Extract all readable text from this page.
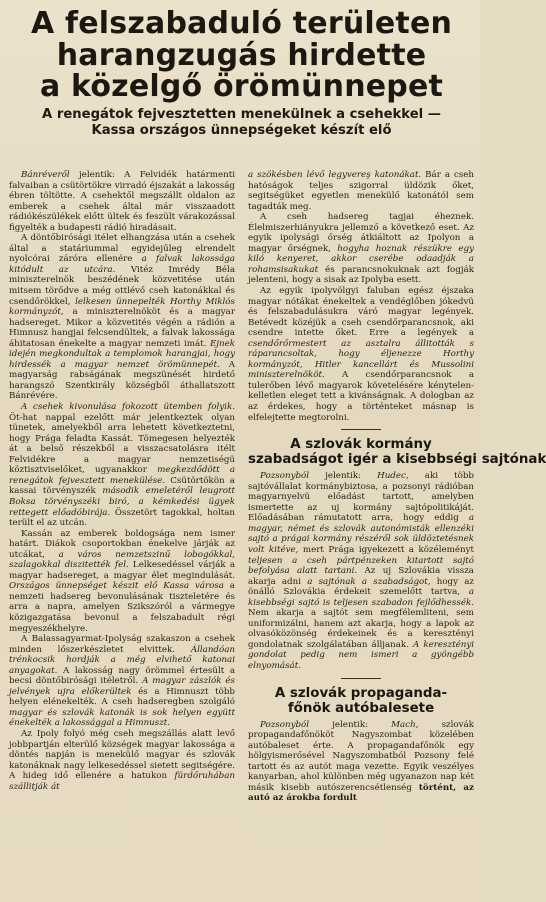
A felszabaduló területen
harangzugás hirdette
a közelgő örömünnepet
A renegátok fejvesztetten menekülnek a csehekkel —
Kassa országos ünnepségeket készít elő

Bánréveről jelentik: A Felvidék határmenti falvaiban a csütörtökre virradó éjszakát a lakosság ébren töltötte. A csehektől megszállt oldalon az emberek a csehek által már visszaadott rádiókészülékek előtt ültek és feszült várakozással figyelték a budapesti rádió hiradásait.

A döntőbirósági itélet elhangzása után a csehek által a statáriummal egyidejűleg elrendelt nyolcórai záróra ellenére a falvak lakossága kitódult az utcára. Vitéz Imrédy Béla miniszterelnök beszédének közvetitése után mitsem törődve a még ottlévő cseh katonákkal és csendőrökkel, lelkesen ünnepelték Horthy Miklós kormányzót, a miniszterelnököt és a magyar hadsereget. Mikor a közvetités végén a rádión a Himnusz hangjai felcsendültek, a falvak lakossága áhitatosan énekelte a magyar nemzeti imát. Ejnek idején megkondultak a templomok harangjai, hogy hirdessék a magyar nemzet örömünnepét. A magyarság rabságának megszünését hirdető harangszó Szentkirály községből áthallatszott Bánrévére.

A csehek kivonulása fokozott ütemben folyik. Öt-hat nappal ezelőtt már jelentkeztek olyan tünetek, amelyekből arra lehetett következtetni, hogy Prága feladta Kassát. Tömegesen helyezték át a belső részekből a visszacsatolásra itélt Felvidékre a magyar nemzetiségü köztisztviselőket, ugyanakkor megkezdődött a renegátok fejvesztett menekülése. Csütörtökön a kassai törvényszék második emeletéről leugrott Boksa törvényszéki biró, a kémkedési ügyek rettegett előadóbirája. Összetört tagokkal, holtan terült el az utcán.

Kassán az emberek boldogsága nem ismer határt. Diákok csoportokban énekelve járják az utcákat, a város nemzetszinű lobogókkal, szalagokkal diszitették fel. Lelkesedéssel várják a magyar hadsereget, a magyar élet megindulását. Országos ünnepséget készit elő Kassa városa a nemzeti hadsereg bevonulásának tiszteletére és arra a napra, amelyen Szikszóról a vármegye közigazgatása bevonul a felszabadult régi megyeszékhelyre.

A Balassagyarmat-Ipolyság szakaszon a csehek minden lőszerkészletet elvittek. Állandóan trénkocsik hordják a még elvihető katonai anyagokat. A lakosság nagy örömmel értesült a becsi döntőbirósági itéletről. A magyar zászlók és jelvények ujra előkerültek és a Himnuszt több helyen elénekelték. A cseh hadseregben szolgáló magyar és szlovák katonák is sok helyen együtt énekelték a lakossággal a Himnuszt.

Az Ipoly folyó még cseh megszállás alatt levő jobbpartján elterülő községek magyar lakossága a döntés napján is menekülő magyar és szlovák katonáknak nagy lelkesedéssel sietett segitségére. A hideg idő ellenére a hatukon fürdőruhában szállitják át

a szökésben lévő legyvereş katonákat. Bár a cseh hatóságok teljes szigorral üldözik őket, segitségüket egyetlen menekülő katonától sem tagadták meg.

A cseh hadsereg tagjai éheznek. Élelmiszerhiányukra jellemző a következő eset. Az egyik ipolysági őrség átkiáltott az Ipolyon a magyar őrségnek, hogyha hoznak részükre egy kiló kenyeret, akkor cserébe odaadják a rohamsisakukat és parancsnokuknak azt fogják jelenteni, hogy a sisak az Ipolyba esett.

Az egyik ipolyvölgyi faluban egész éjszaka magyar nótákat énekeltek a vendéglőben jókedvü és felszabadulásukra váró magyar legények. Betévedt közéjük a cseh csendőrparancsnok, aki csendre intette őket. Erre a legények a csendőrőrmestert az asztalra állitották s ráparancsoltak, hogy éljenezze Horthy kormányzót, Hitler kancellárt és Mussolini miniszterelnököt. A csendőrparancsnok a tulerőben lévő magyarok követelésére kénytelen-kelletlen eleget tett a kivánságnak. A dologban az az érdekes, hogy a történteket másnap is elfelejtette megtorolni.

A szlovák kormány
szabadságot igér a kisebbségi sajtónak

Pozsonyból jelentik: Hudec, aki több sajtóvállalat kormánybiztosa, a pozsonyi rádióban magyarnyelvü előadást tartott, amelyben ismertette az uj kormány sajtópolitikáját. Előadásában rámutatott arra, hogy eddig a magyar, német és szlovák autonómisták ellenzéki sajtó a prágai kormány részéről sok üldöztetésnek volt kitéve, mert Prága igyekezett a közéleményt teljesen a cseh pártpénzeken kitartott sajtó befolyása alatt tartani. Az uj Szlovákia vissza akarja adni a sajtónak a szabadságot, hogy az önálló Szlovákia érdekeit szemelőtt tartva, a kisebbségi sajtó is teljesen szabadon fejlődhessék. Nem akarja a sajtót sem megfélemliteni, sem uniformizálni, hanem azt akarja, hogy a lapok az olvasóközönség érdekeinek és a keresztényi gondolatnak szolgálatában álljanak. A keresztényi gondolat pedig nem ismeri a gyöngébb elnyomását.

A szlovák propaganda-
főnök autóbalesete

Pozsonyból jelentik: Mach, szlovák propagandafőnököt Nagyszombat közelében autóbaleset érte. A propagandafőnök egy hölgyismerősével Nagyszombatból Pozsony felé tartott és az autót maga vezette. Egyik veszélyes kanyarban, ahol különben még ugyanazon nap két másik kisebb autószerencsétlenség történt, az autó az árokba fordult
